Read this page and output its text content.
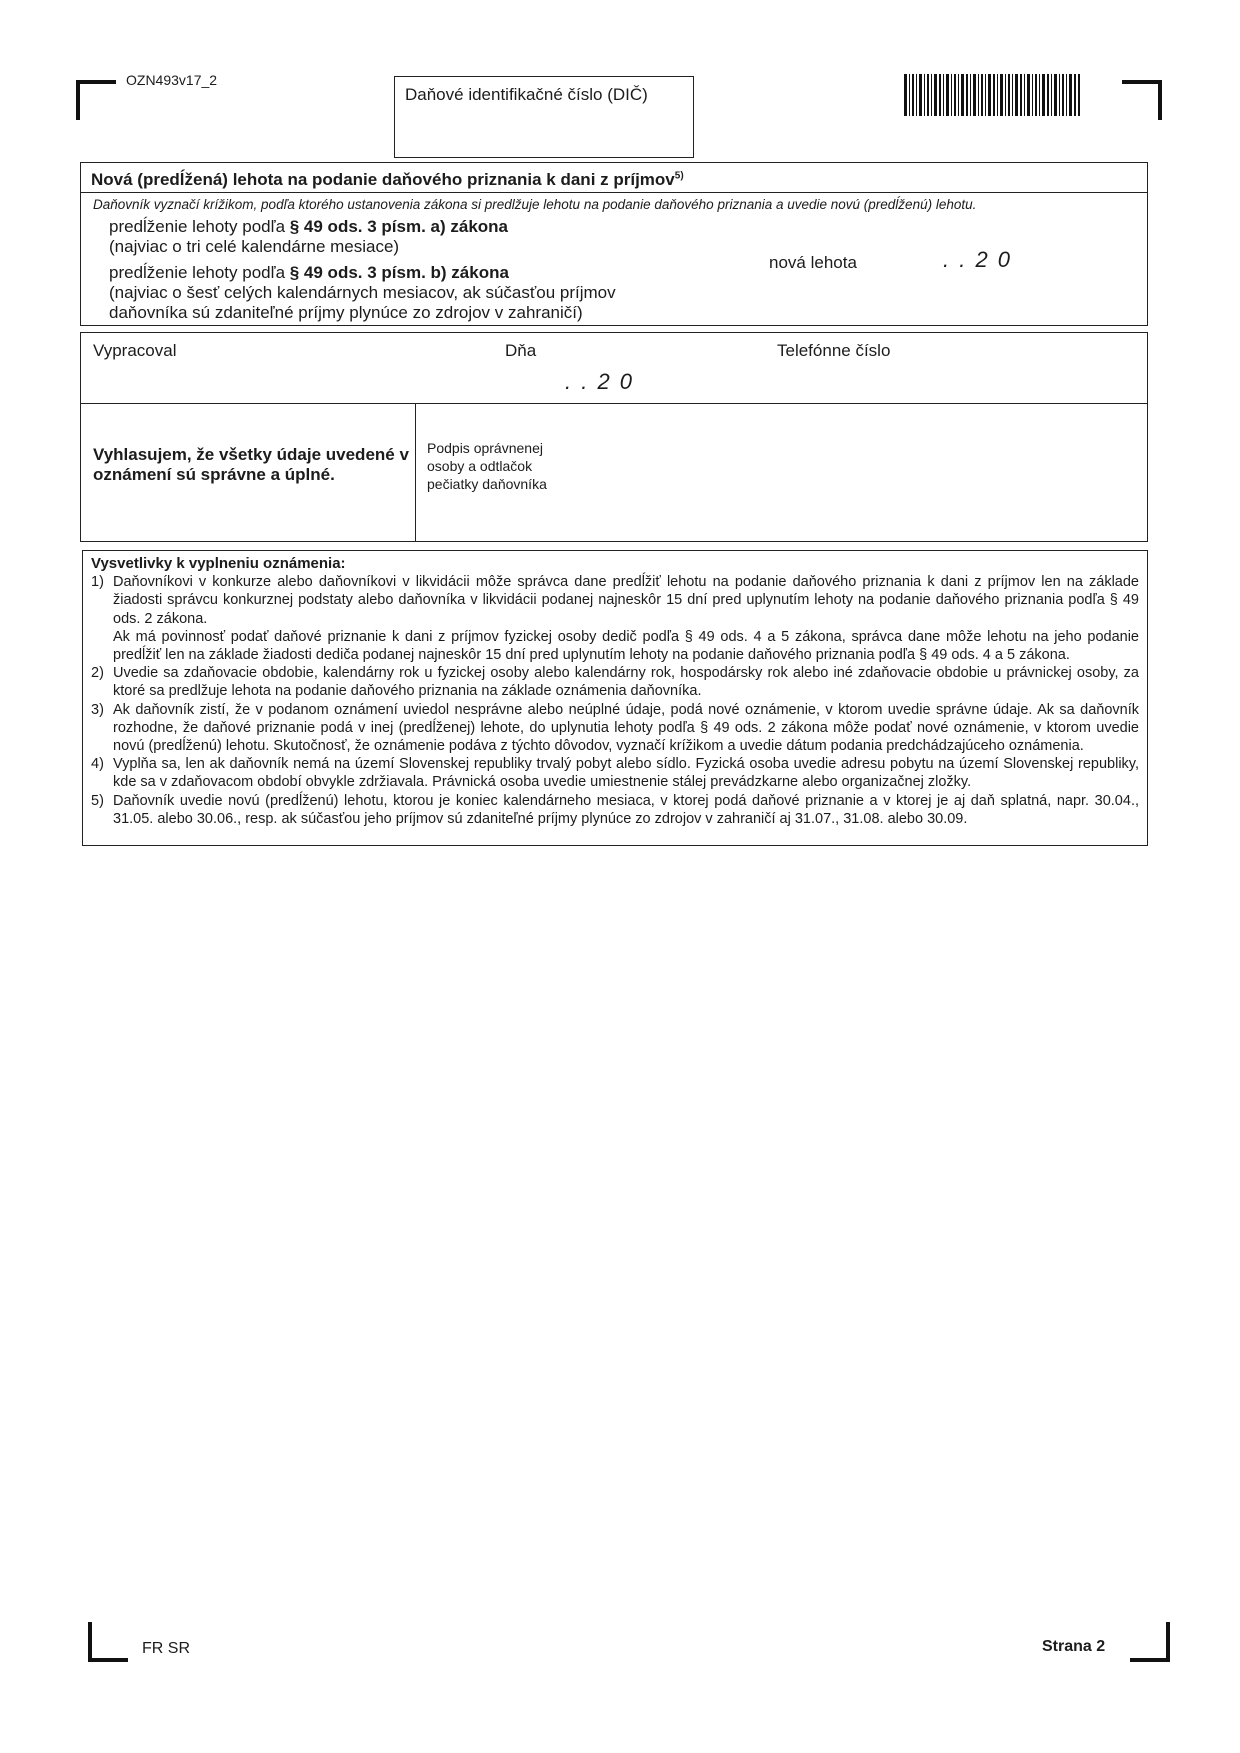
OZN493v17_2
Daňové identifikačné číslo (DIČ)
Nová (predĺžená) lehota na podanie daňového priznania k dani z príjmov$^{5)}$
Daňovník vyznačí krížikom, podľa ktorého ustanovenia zákona si predlžuje lehotu na podanie daňového priznania a uvedie novú (predĺženú) lehotu.
predĺženie lehoty podľa § 49 ods. 3 písm. a) zákona
(najviac o tri celé kalendárne mesiace)
predĺženie lehoty podľa § 49 ods. 3 písm. b) zákona
(najviac o šesť celých kalendárnych mesiacov, ak súčasťou príjmov
daňovníka sú zdaniteľné príjmy plynúce zo zdrojov v zahraničí)
nová lehota	. . 2 0
Vypracoval	Dňa
. . 2 0
Telefónne číslo
Vyhlasujem, že všetky údaje uvedené v oznámení sú správne a úplné.
Podpis oprávnenej osoby a odtlačok pečiatky daňovníka
Vysvetlivky k vyplneniu oznámenia:
1) Daňovníkovi v konkurze alebo daňovníkovi v likvidácii môže správca dane predĺžiť lehotu na podanie daňového priznania k dani z príjmov len na základe žiadosti správcu konkurznej podstaty alebo daňovníka v likvidácii podanej najneskôr 15 dní pred uplynutím lehoty na podanie daňového priznania podľa § 49 ods. 2 zákona.
Ak má povinnosť podať daňové priznanie k dani z príjmov fyzickej osoby dedič podľa § 49 ods. 4 a 5 zákona, správca dane môže lehotu na jeho podanie predĺžiť len na základe žiadosti dediča podanej najneskôr 15 dní pred uplynutím lehoty na podanie daňového priznania podľa § 49 ods. 4 a 5 zákona.
2) Uvedie sa zdaňovacie obdobie, kalendárny rok u fyzickej osoby alebo kalendárny rok, hospodársky rok alebo iné zdaňovacie obdobie u právnickej osoby, za ktoré sa predlžuje lehota na podanie daňového priznania na základe oznámenia daňovníka.
3) Ak daňovník zistí, že v podanom oznámení uviedol nesprávne alebo neúplné údaje, podá nové oznámenie, v ktorom uvedie správne údaje. Ak sa daňovník rozhodne, že daňové priznanie podá v inej (predĺženej) lehote, do uplynutia lehoty podľa § 49 ods. 2 zákona môže podať nové oznámenie, v ktorom uvedie novú (predĺženú) lehotu. Skutočnosť, že oznámenie podáva z týchto dôvodov, vyznačí krížikom a uvedie dátum podania predchádzajúceho oznámenia.
4) Vyplňa sa, len ak daňovník nemá na území Slovenskej republiky trvalý pobyt alebo sídlo. Fyzická osoba uvedie adresu pobytu na území Slovenskej republiky, kde sa v zdaňovacom období obvykle zdržiavala. Právnická osoba uvedie umiestnenie stálej prevádzkarne alebo organizačnej zložky.
5) Daňovník uvedie novú (predĺženú) lehotu, ktorou je koniec kalendárneho mesiaca, v ktorej podá daňové priznanie a v ktorej je aj daň splatná, napr. 30.04., 31.05. alebo 30.06., resp. ak súčasťou jeho príjmov sú zdaniteľné príjmy plynúce zo zdrojov v zahraničí aj 31.07., 31.08. alebo 30.09.
FR SR	Strana 2
